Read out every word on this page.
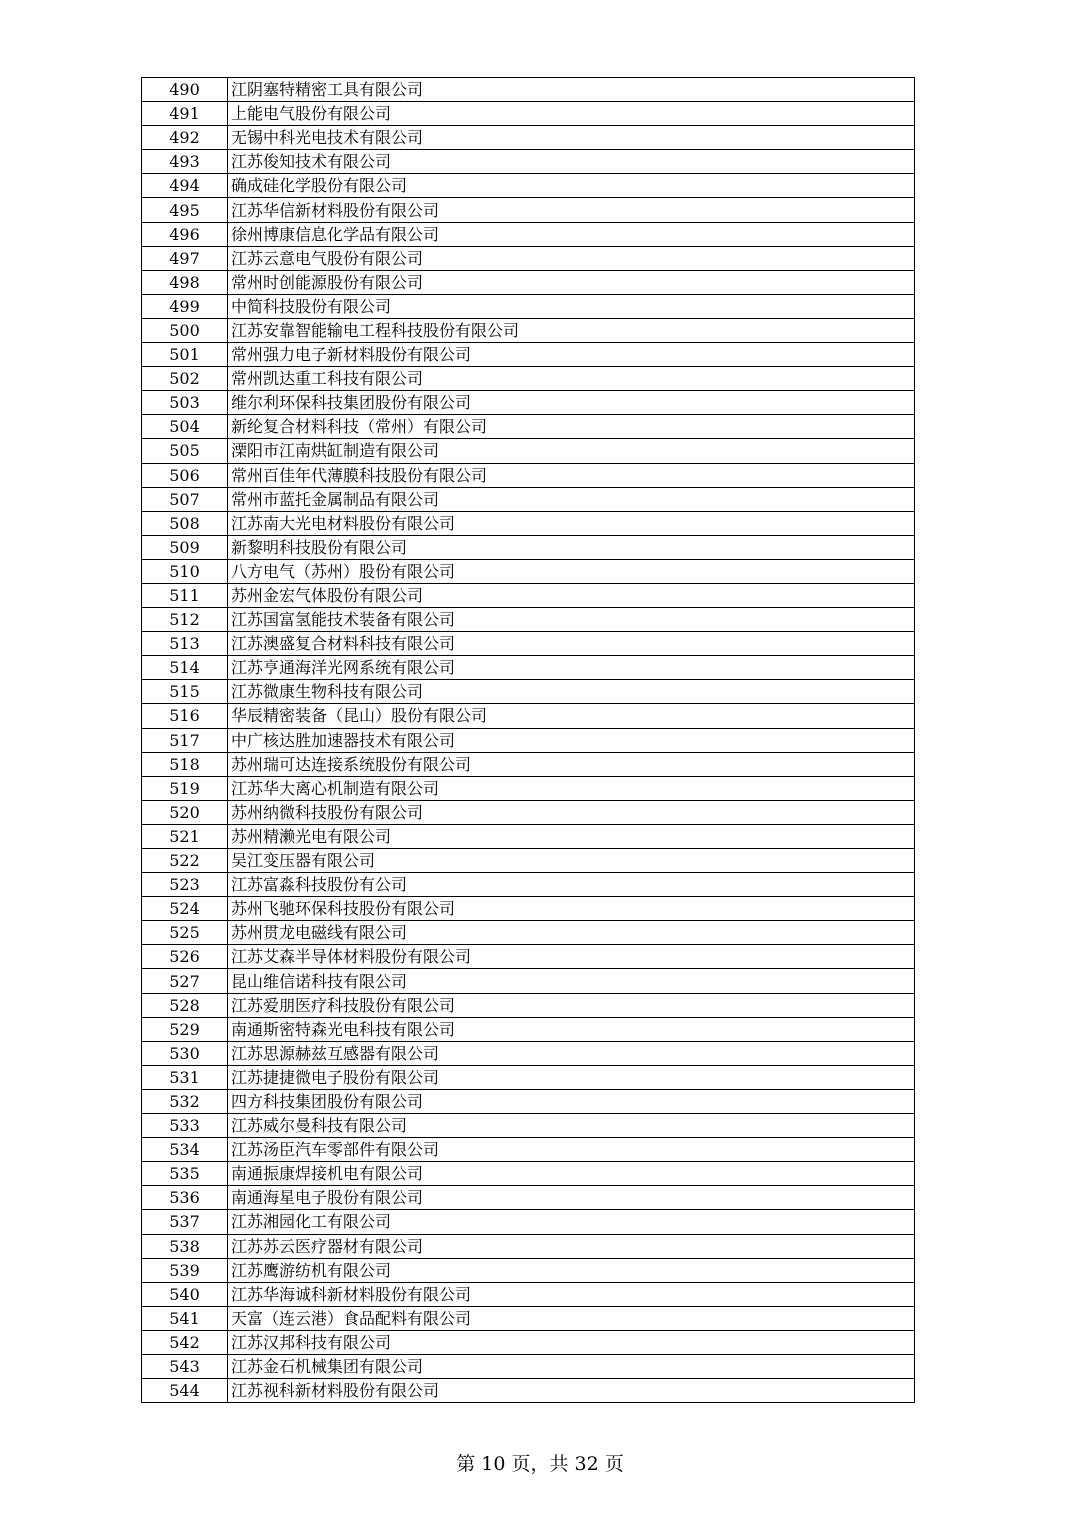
490	江阴塞特精密工具有限公司
491	上能电气股份有限公司
492	无锡中科光电技术有限公司
493	江苏俊知技术有限公司
494	确成硅化学股份有限公司
495	江苏华信新材料股份有限公司
496	徐州博康信息化学品有限公司
497	江苏云意电气股份有限公司
498	常州时创能源股份有限公司
499	中简科技股份有限公司
500	江苏安靠智能输电工程科技股份有限公司
501	常州强力电子新材料股份有限公司
502	常州凯达重工科技有限公司
503	维尔利环保科技集团股份有限公司
504	新纶复合材料科技（常州）有限公司
505	溧阳市江南烘缸制造有限公司
506	常州百佳年代薄膜科技股份有限公司
507	常州市蓝托金属制品有限公司
508	江苏南大光电材料股份有限公司
509	新黎明科技股份有限公司
510	八方电气（苏州）股份有限公司
511	苏州金宏气体股份有限公司
512	江苏国富氢能技术装备有限公司
513	江苏澳盛复合材料科技有限公司
514	江苏亨通海洋光网系统有限公司
515	江苏微康生物科技有限公司
516	华辰精密装备（昆山）股份有限公司
517	中广核达胜加速器技术有限公司
518	苏州瑞可达连接系统股份有限公司
519	江苏华大离心机制造有限公司
520	苏州纳微科技股份有限公司
521	苏州精濑光电有限公司
522	吴江变压器有限公司
523	江苏富淼科技股份有公司
524	苏州飞驰环保科技股份有限公司
525	苏州贯龙电磁线有限公司
526	江苏艾森半导体材料股份有限公司
527	昆山维信诺科技有限公司
528	江苏爱朋医疗科技股份有限公司
529	南通斯密特森光电科技有限公司
530	江苏思源赫兹互感器有限公司
531	江苏捷捷微电子股份有限公司
532	四方科技集团股份有限公司
533	江苏威尔曼科技有限公司
534	江苏汤臣汽车零部件有限公司
535	南通振康焊接机电有限公司
536	南通海星电子股份有限公司
537	江苏湘园化工有限公司
538	江苏苏云医疗器材有限公司
539	江苏鹰游纺机有限公司
540	江苏华海诚科新材料股份有限公司
541	天富（连云港）食品配料有限公司
542	江苏汉邦科技有限公司
543	江苏金石机械集团有限公司
544	江苏视科新材料股份有限公司
第 10 页，共 32 页
